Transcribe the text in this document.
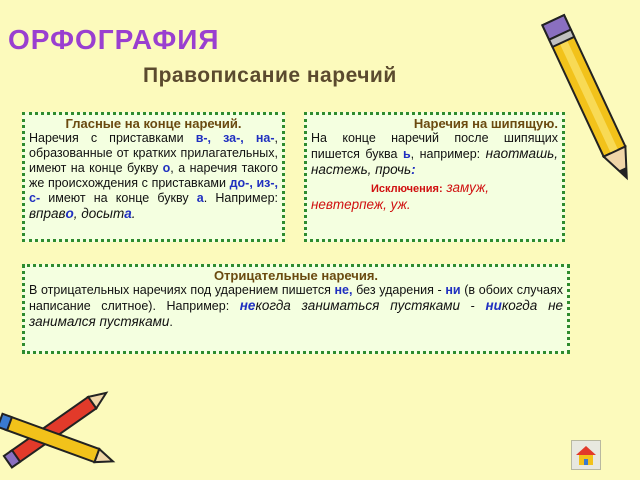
ОРФОГРАФИЯ
Правописание наречий
Гласные на конце наречий.
Наречия с приставками в-, за-, на-, образованные от кратких прилагательных, имеют на конце букву о, а наречия такого же происхождения с приставками до-, из-, с- имеют на конце букву а. Например: вправо, досыта.
Наречия на шипящую.
На конце наречий после шипящих пишется буква ь, например: наотмашь, настежь, прочь:
Исключения: замуж,
невтерпеж, уж.
Отрицательные наречия.
В отрицательных наречиях под ударением пишется не, без ударения - ни (в обоих случаях написание слитное). Например: некогда заниматься пустяками - никогда не занимался пустяками.
